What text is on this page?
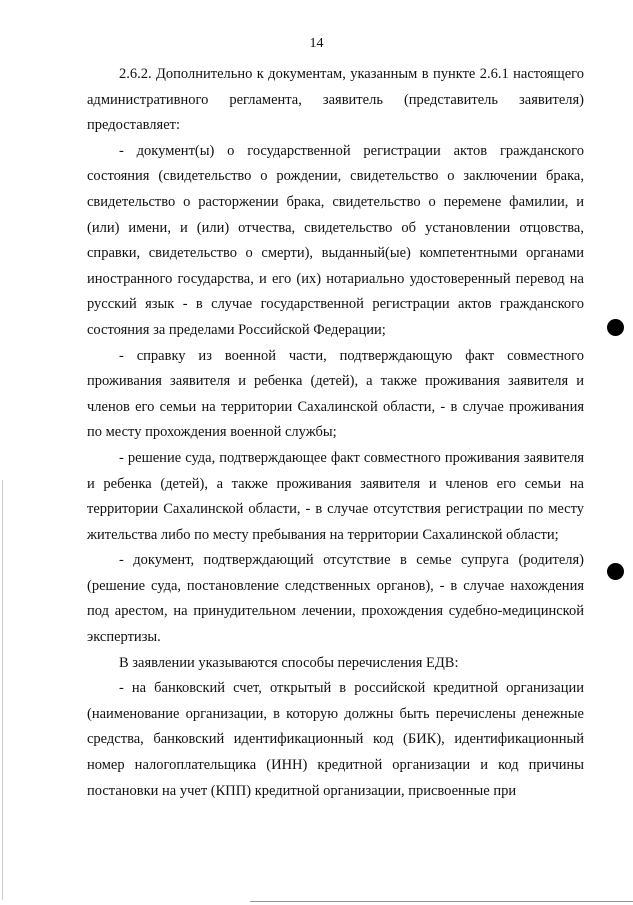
14

2.6.2. Дополнительно к документам, указанным в пункте 2.6.1 настоящего административного регламента, заявитель (представитель заявителя) предоставляет:

- документ(ы) о государственной регистрации актов гражданского состояния (свидетельство о рождении, свидетельство о заключении брака, свидетельство о расторжении брака, свидетельство о перемене фамилии, и (или) имени, и (или) отчества, свидетельство об установлении отцовства, справки, свидетельство о смерти), выданный(ые) компетентными органами иностранного государства, и его (их) нотариально удостоверенный перевод на русский язык - в случае государственной регистрации актов гражданского состояния за пределами Российской Федерации;

- справку из военной части, подтверждающую факт совместного проживания заявителя и ребенка (детей), а также проживания заявителя и членов его семьи на территории Сахалинской области, - в случае проживания по месту прохождения военной службы;

- решение суда, подтверждающее факт совместного проживания заявителя и ребенка (детей), а также проживания заявителя и членов его семьи на территории Сахалинской области, - в случае отсутствия регистрации по месту жительства либо по месту пребывания на территории Сахалинской области;

- документ, подтверждающий отсутствие в семье супруга (родителя) (решение суда, постановление следственных органов), - в случае нахождения под арестом, на принудительном лечении, прохождения судебно-медицинской экспертизы.

В заявлении указываются способы перечисления ЕДВ:

- на банковский счет, открытый в российской кредитной организации (наименование организации, в которую должны быть перечислены денежные средства, банковский идентификационный код (БИК), идентификационный номер налогоплательщика (ИНН) кредитной организации и код причины постановки на учет (КПП) кредитной организации, присвоенные при
